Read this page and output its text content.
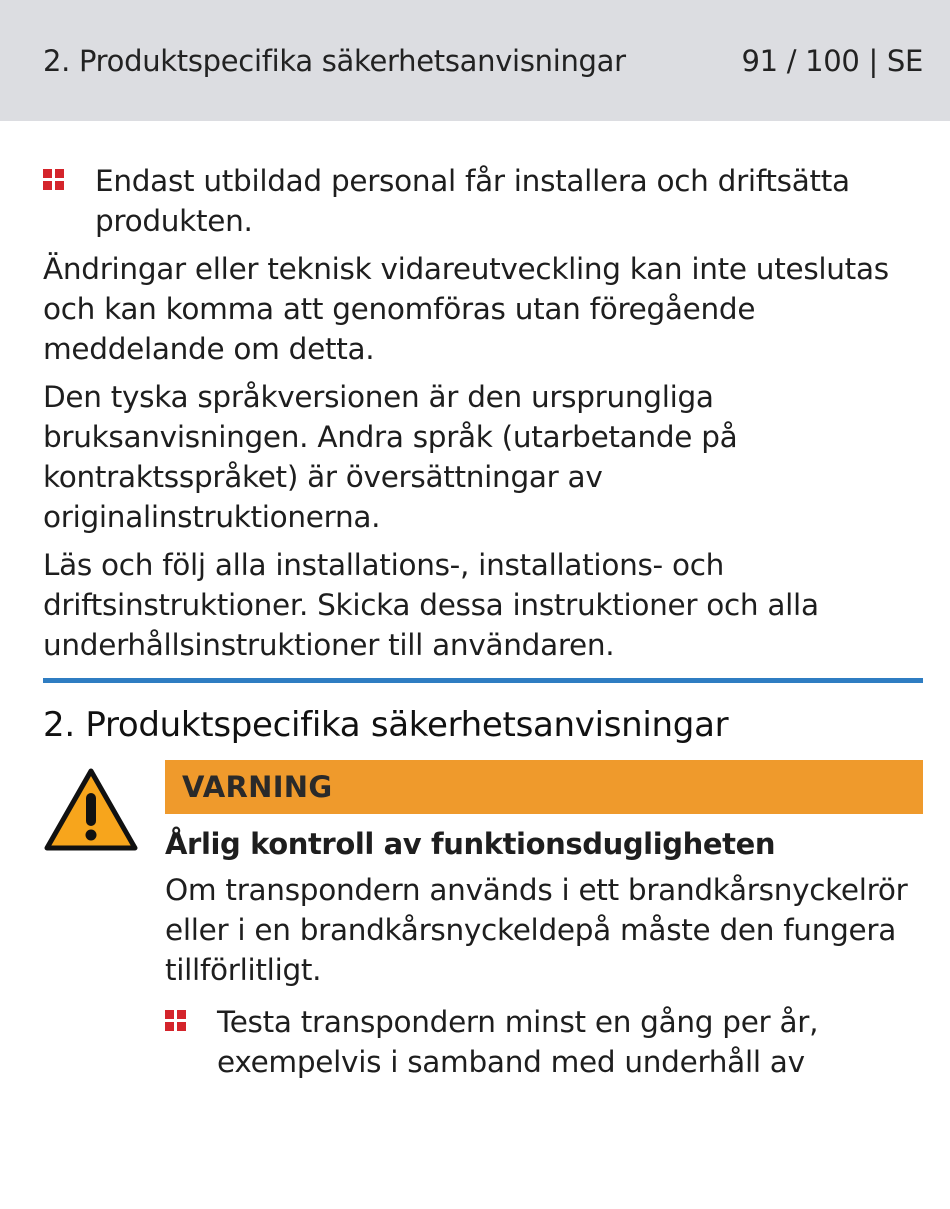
2. Produktspecifika säkerhetsanvisningar	91 / 100 | SE
Endast utbildad personal får installera och driftsätta produkten.

Ändringar eller teknisk vidareutveckling kan inte uteslutas och kan komma att genomföras utan föregående meddelande om detta.

Den tyska språkversionen är den ursprungliga bruksanvisningen. Andra språk (utarbetande på kontraktsspråket) är översättningar av originalinstruktionerna.

Läs och följ alla installations-, installations- och driftsinstruktioner. Skicka dessa instruktioner och alla underhållsinstruktioner till användaren.

2. Produktspecifika säkerhetsanvisningar
VARNING
Årlig kontroll av funktionsdugligheten

Om transpondern används i ett brandkårsnyckelrör eller i en brandkårsnyckeldepå måste den fungera tillförlitligt.

Testa transpondern minst en gång per år, exempelvis i samband med underhåll av
